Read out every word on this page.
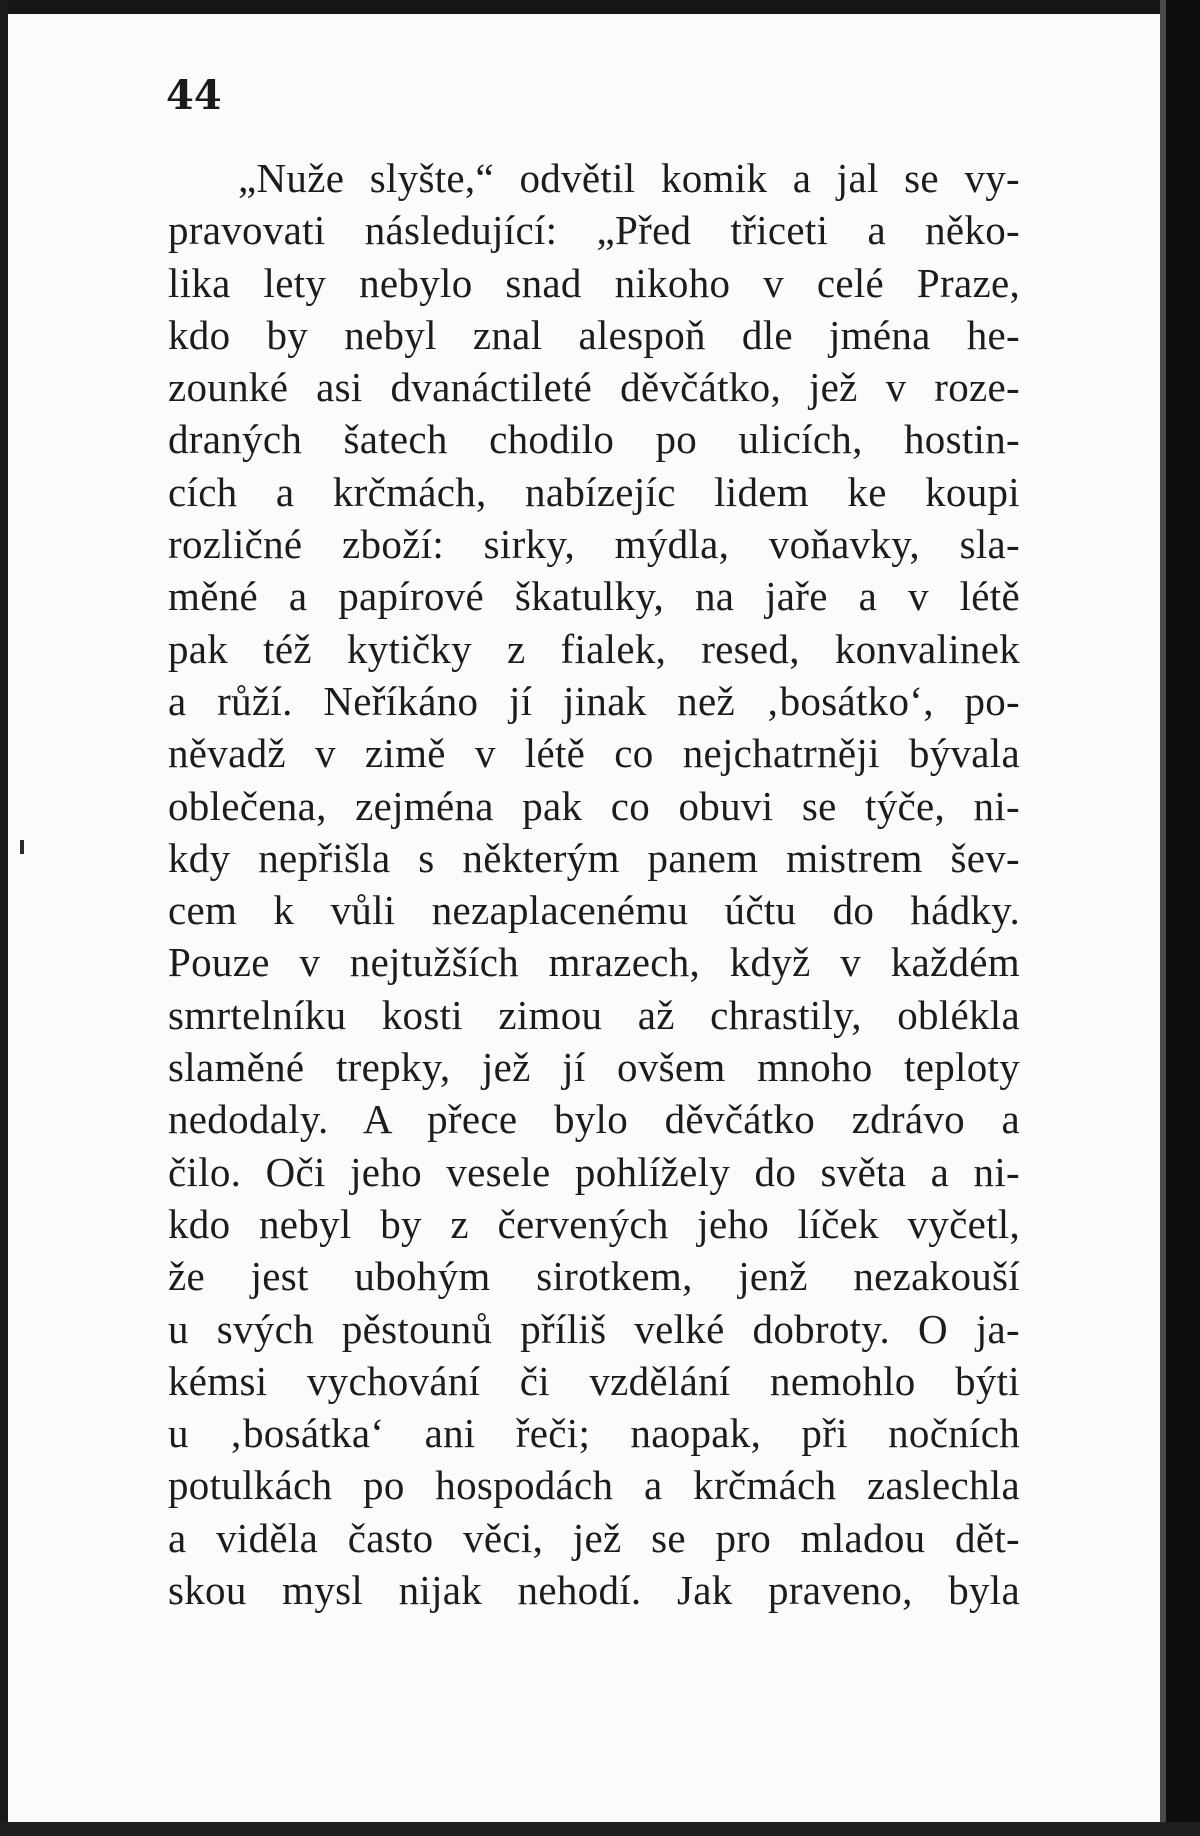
44
„Nuže slyšte,“ odvětil komik a jal se vy-
pravovati následující: „Před třiceti a něko-
lika lety nebylo snad nikoho v celé Praze,
kdo by nebyl znal alespoň dle jména he-
zounké asi dvanáctileté děvčátko, jež v roze-
draných šatech chodilo po ulicích, hostin-
cích a krčmách, nabízejíc lidem ke koupi
rozličné zboží: sirky, mýdla, voňavky, sla-
měné a papírové škatulky, na jaře a v létě
pak též kytičky z fialek, resed, konvalinek
a růží. Neříkáno jí jinak než ‚bosátko‘, po-
něvadž v zimě v létě co nejchatrněji bývala
oblečena, zejména pak co obuvi se týče, ni-
kdy nepřišla s některým panem mistrem šev-
cem k vůli nezaplacenému účtu do hádky.
Pouze v nejtužších mrazech, když v každém
smrtelníku kosti zimou až chrastily, oblékla
slaměné trepky, jež jí ovšem mnoho teploty
nedodaly. A přece bylo děvčátko zdrávo a
čilo. Oči jeho vesele pohlížely do světa a ni-
kdo nebyl by z červených jeho líček vyčetl,
že jest ubohým sirotkem, jenž nezakouší
u svých pěstounů příliš velké dobroty. O ja-
kémsi vychování či vzdělání nemohlo býti
u ‚bosátka‘ ani řeči; naopak, při nočních
potulkách po hospodách a krčmách zaslechla
a viděla často věci, jež se pro mladou dět-
skou mysl nijak nehodí. Jak praveno, byla
